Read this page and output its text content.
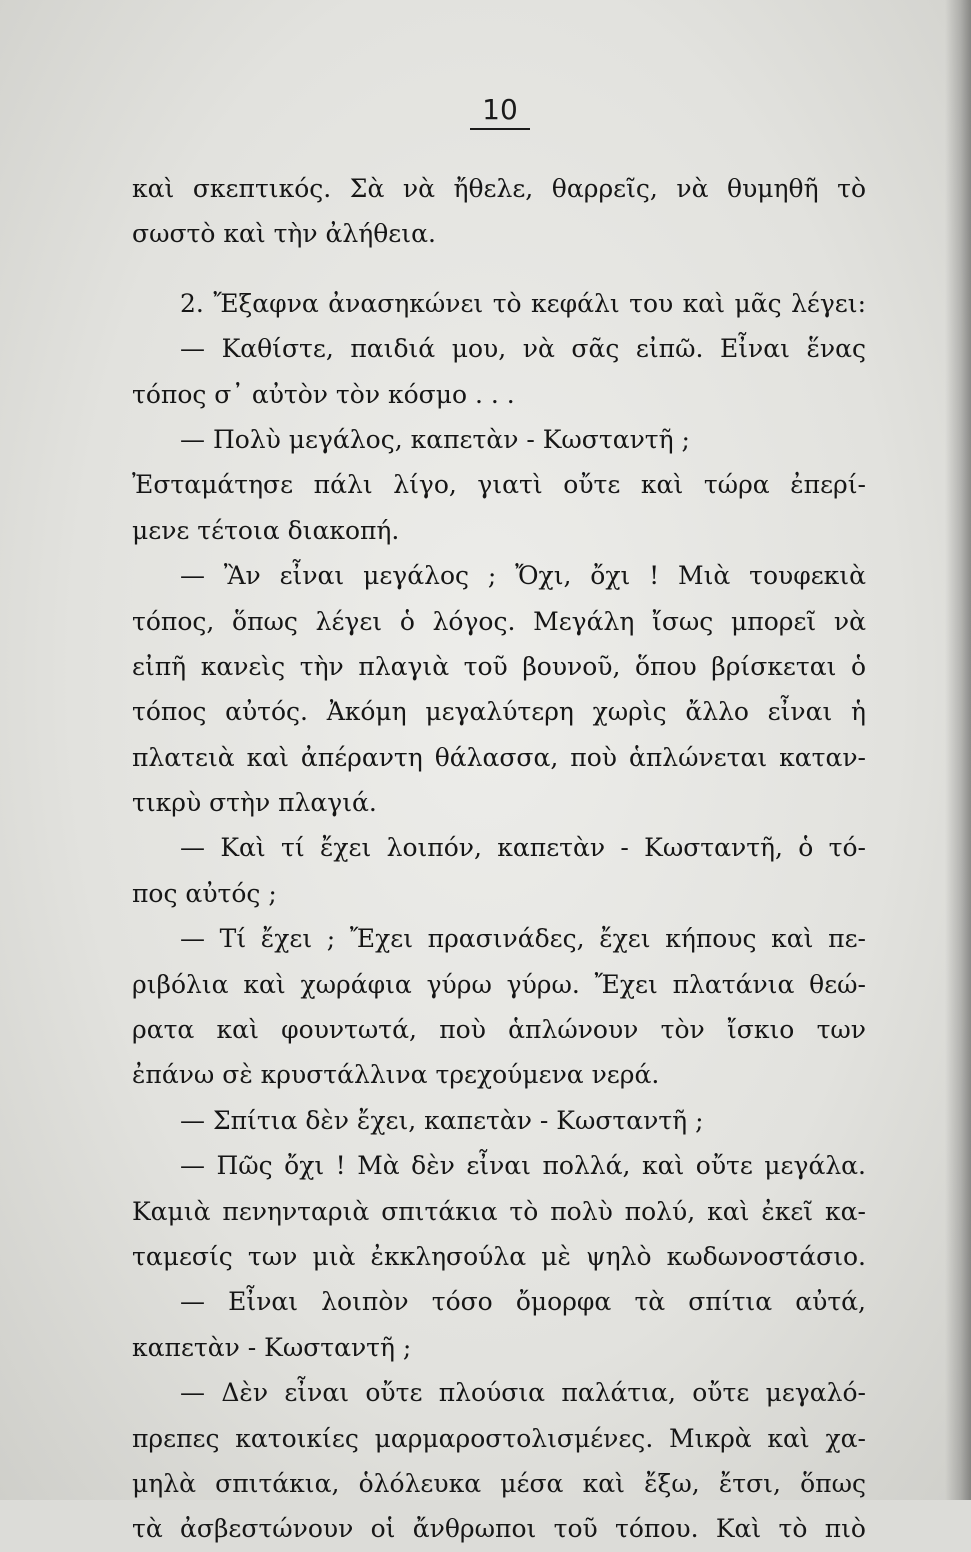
10
καὶ σκεπτικός. Σὰ νὰ ἤθελε, θαρρεῖς, νὰ θυμηθῆ τὸ
σωστὸ καὶ τὴν ἀλήθεια.
2. Ἔξαφνα ἀνασηκώνει τὸ κεφάλι του καὶ μᾶς λέγει:
— Καθίστε, παιδιά μου, νὰ σᾶς εἰπῶ. Εἶναι ἕνας
τόπος σ᾽ αὐτὸν τὸν κόσμο . . .
— Πολὺ μεγάλος, καπετὰν - Κωσταντῆ ;
Ἐσταμάτησε πάλι λίγο, γιατὶ οὔτε καὶ τώρα ἐπερί-
μενε τέτοια διακοπή.
— Ἂν εἶναι μεγάλος ; Ὄχι, ὄχι ! Μιὰ τουφεκιὰ
τόπος, ὅπως λέγει ὁ λόγος. Μεγάλη ἴσως μπορεῖ νὰ
εἰπῆ κανεὶς τὴν πλαγιὰ τοῦ βουνοῦ, ὅπου βρίσκεται ὁ
τόπος αὐτός. Ἀκόμη μεγαλύτερη χωρὶς ἄλλο εἶναι ἡ
πλατειὰ καὶ ἀπέραντη θάλασσα, ποὺ ἁπλώνεται καταν-
τικρὺ στὴν πλαγιά.
— Καὶ τί ἔχει λοιπόν, καπετὰν - Κωσταντῆ, ὁ τό-
πος αὐτός ;
— Τί ἔχει ; Ἔχει πρασινάδες, ἔχει κήπους καὶ πε-
ριβόλια καὶ χωράφια γύρω γύρω. Ἔχει πλατάνια θεώ-
ρατα καὶ φουντωτά, ποὺ ἁπλώνουν τὸν ἴσκιο των
ἐπάνω σὲ κρυστάλλινα τρεχούμενα νερά.
— Σπίτια δὲν ἔχει, καπετὰν - Κωσταντῆ ;
— Πῶς ὄχι ! Μὰ δὲν εἶναι πολλά, καὶ οὔτε μεγάλα.
Καμιὰ πενηνταριὰ σπιτάκια τὸ πολὺ πολύ, καὶ ἐκεῖ κα-
ταμεσίς των μιὰ ἐκκλησούλα μὲ ψηλὸ κωδωνοστάσιο.
— Εἶναι λοιπὸν τόσο ὄμορφα τὰ σπίτια αὐτά,
καπετὰν - Κωσταντῆ ;
— Δὲν εἶναι οὔτε πλούσια παλάτια, οὔτε μεγαλό-
πρεπες κατοικίες μαρμαροστολισμένες. Μικρὰ καὶ χα-
μηλὰ σπιτάκια, ὁλόλευκα μέσα καὶ ἔξω, ἔτσι, ὅπως
τὰ ἀσβεστώνουν οἱ ἄνθρωποι τοῦ τόπου. Καὶ τὸ πιὸ
